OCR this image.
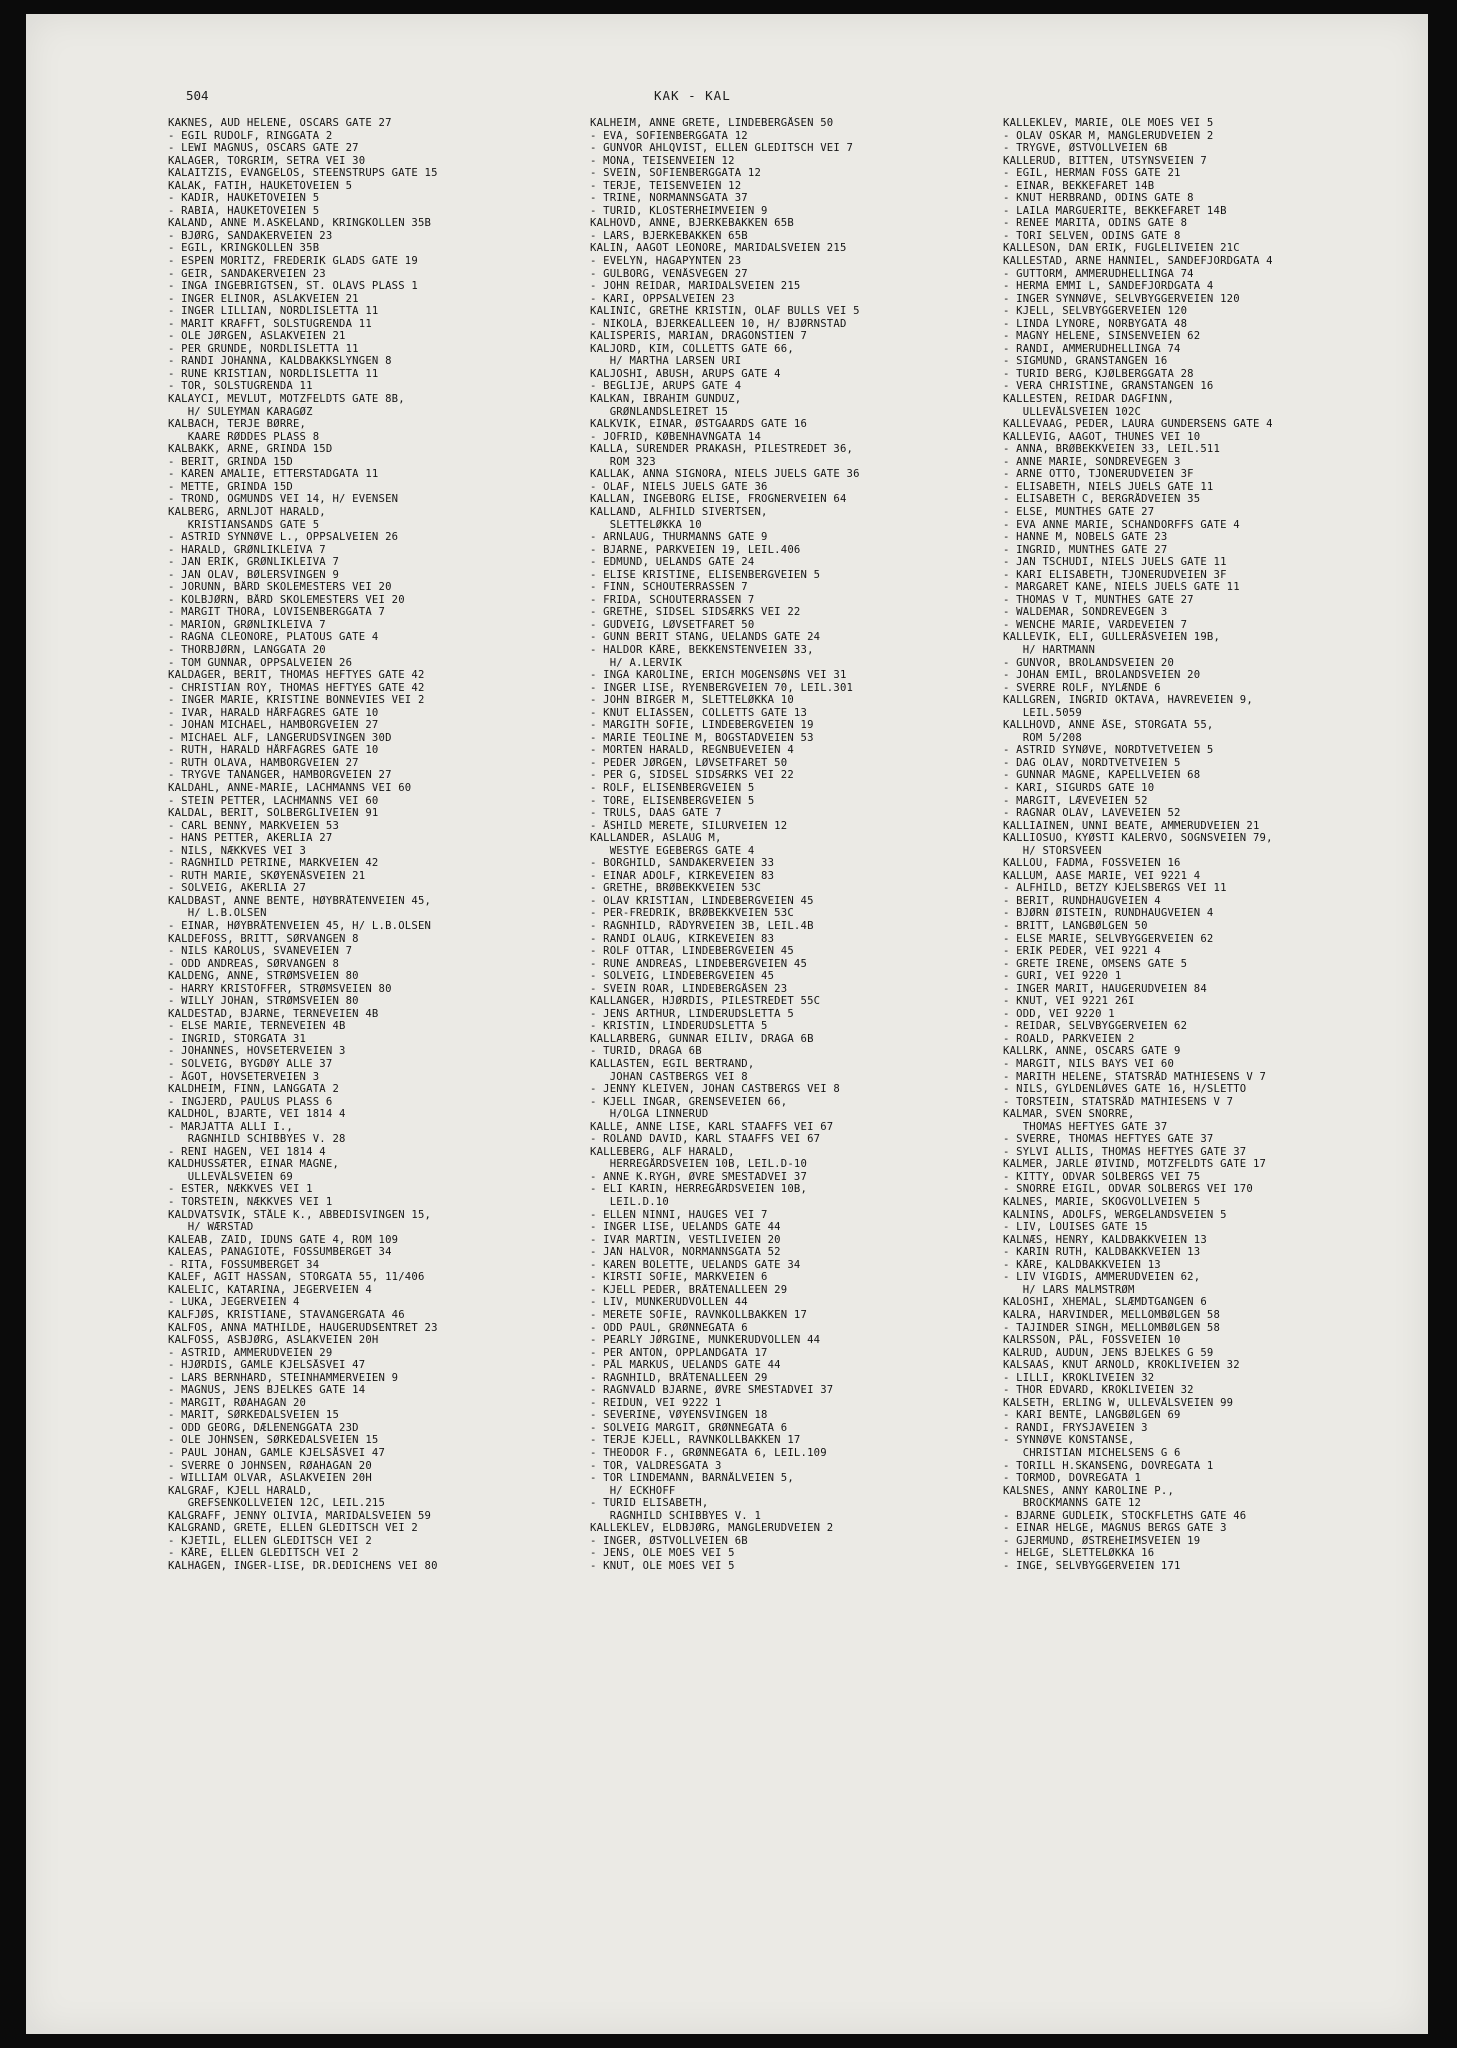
504	KAK - KAL
KAKNES, AUD HELENE, OSCARS GATE 27
- EGIL RUDOLF, RINGGATA 2
- LEWI MAGNUS, OSCARS GATE 27
KALAGER, TORGRIM, SETRA VEI 30
KALAITZIS, EVANGELOS, STEENSTRUPS GATE 15
KALAK, FATIH, HAUKETOVEIEN 5
- KADIR, HAUKETOVEIEN 5
- RABIA, HAUKETOVEIEN 5
KALAND, ANNE M.ASKELAND, KRINGKOLLEN 35B
- BJØRG, SANDAKERVEIEN 23
- EGIL, KRINGKOLLEN 35B
- ESPEN MORITZ, FREDERIK GLADS GATE 19
- GEIR, SANDAKERVEIEN 23
- INGA INGEBRIGTSEN, ST. OLAVS PLASS 1
- INGER ELINOR, ASLAKVEIEN 21
- INGER LILLIAN, NORDLISLETTA 11
- MARIT KRAFFT, SOLSTUGRENDA 11
- OLE JØRGEN, ASLAKVEIEN 21
- PER GRUNDE, NORDLISLETTA 11
- RANDI JOHANNA, KALDBAKKSLYNGEN 8
- RUNE KRISTIAN, NORDLISLETTA 11
- TOR, SOLSTUGRENDA 11
KALAYCI, MEVLUT, MOTZFELDTS GATE 8B,
H/ SULEYMAN KARAGØZ
KALBACH, TERJE BØRRE,
KAARE RØDDES PLASS 8
KALBAKK, ARNE, GRINDA 15D
- BERIT, GRINDA 15D
- KAREN AMALIE, ETTERSTADGATA 11
- METTE, GRINDA 15D
- TROND, OGMUNDS VEI 14, H/ EVENSEN
KALBERG, ARNLJOT HARALD,
KRISTIANSANDS GATE 5
- ASTRID SYNNØVE L., OPPSALVEIEN 26
- HARALD, GRØNLIKLEIVA 7
- JAN ERIK, GRØNLIKLEIVA 7
- JAN OLAV, BØLERSVINGEN 9
- JORUNN, BÅRD SKOLEMESTERS VEI 20
- KOLBJØRN, BÅRD SKOLEMESTERS VEI 20
- MARGIT THORA, LOVISENBERGGATA 7
- MARION, GRØNLIKLEIVA 7
- RAGNA CLEONORE, PLATOUS GATE 4
- THORBJØRN, LANGGATA 20
- TOM GUNNAR, OPPSALVEIEN 26
KALDAGER, BERIT, THOMAS HEFTYES GATE 42
- CHRISTIAN ROY, THOMAS HEFTYES GATE 42
- INGER MARIE, KRISTINE BONNEVIES VEI 2
- IVAR, HARALD HÅRFAGRES GATE 10
- JOHAN MICHAEL, HAMBORGVEIEN 27
- MICHAEL ALF, LANGERUDSVINGEN 30D
- RUTH, HARALD HÅRFAGRES GATE 10
- RUTH OLAVA, HAMBORGVEIEN 27
- TRYGVE TANANGER, HAMBORGVEIEN 27
KALDAHL, ANNE-MARIE, LACHMANNS VEI 60
- STEIN PETTER, LACHMANNS VEI 60
KALDAL, BERIT, SOLBERGLIVEIEN 91
- CARL BENNY, MARKVEIEN 53
- HANS PETTER, AKERLIA 27
- NILS, NÆKKVES VEI 3
- RAGNHILD PETRINE, MARKVEIEN 42
- RUTH MARIE, SKØYENÅSVEIEN 21
- SOLVEIG, AKERLIA 27
KALDBAST, ANNE BENTE, HØYBRÅTENVEIEN 45,
H/ L.B.OLSEN
- EINAR, HØYBRÅTENVEIEN 45, H/ L.B.OLSEN
KALDEFOSS, BRITT, SØRVANGEN 8
- NILS KAROLUS, SVANEVEIEN 7
- ODD ANDREAS, SØRVANGEN 8
KALDENG, ANNE, STRØMSVEIEN 80
- HARRY KRISTOFFER, STRØMSVEIEN 80
- WILLY JOHAN, STRØMSVEIEN 80
KALDESTAD, BJARNE, TERNEVEIEN 4B
- ELSE MARIE, TERNEVEIEN 4B
- INGRID, STORGATA 31
- JOHANNES, HOVSETERVEIEN 3
- SOLVEIG, BYGDØY ALLE 37
- ÅGOT, HOVSETERVEIEN 3
KALDHEIM, FINN, LANGGATA 2
- INGJERD, PAULUS PLASS 6
KALDHOL, BJARTE, VEI 1814 4
- MARJATTA ALLI I.,
RAGNHILD SCHIBBYES V. 28
- RENI HAGEN, VEI 1814 4
KALDHUSSÆTER, EINAR MAGNE,
ULLEVÅLSVEIEN 69
- ESTER, NÆKKVES VEI 1
- TORSTEIN, NÆKKVES VEI 1
KALDVATSVIK, STÅLE K., ABBEDISVINGEN 15,
H/ WÆRSTAD
KALEAB, ZAID, IDUNS GATE 4, ROM 109
KALEAS, PANAGIOTE, FOSSUMBERGET 34
- RITA, FOSSUMBERGET 34
KALEF, AGIT HASSAN, STORGATA 55, 11/406
KALELIC, KATARINA, JEGERVEIEN 4
- LUKA, JEGERVEIEN 4
KALFJØS, KRISTIANE, STAVANGERGATA 46
KALFOS, ANNA MATHILDE, HAUGERUDSENTRET 23
KALFOSS, ASBJØRG, ASLAKVEIEN 20H
- ASTRID, AMMERUDVEIEN 29
- HJØRDIS, GAMLE KJELSÅSVEI 47
- LARS BERNHARD, STEINHAMMERVEIEN 9
- MAGNUS, JENS BJELKES GATE 14
- MARGIT, RØAHAGAN 20
- MARIT, SØRKEDALSVEIEN 15
- ODD GEORG, DÆLENENGGATA 23D
- OLE JOHNSEN, SØRKEDALSVEIEN 15
- PAUL JOHAN, GAMLE KJELSÅSVEI 47
- SVERRE O JOHNSEN, RØAHAGAN 20
- WILLIAM OLVAR, ASLAKVEIEN 20H
KALGRAF, KJELL HARALD,
GREFSENKOLLVEIEN 12C, LEIL.215
KALGRAFF, JENNY OLIVIA, MARIDALSVEIEN 59
KALGRAND, GRETE, ELLEN GLEDITSCH VEI 2
- KJETIL, ELLEN GLEDITSCH VEI 2
- KÅRE, ELLEN GLEDITSCH VEI 2
KALHAGEN, INGER-LISE, DR.DEDICHENS VEI 80
KALHEIM, ANNE GRETE, LINDEBERGÅSEN 50
- EVA, SOFIENBERGGATA 12
- GUNVOR AHLQVIST, ELLEN GLEDITSCH VEI 7
- MONA, TEISENVEIEN 12
- SVEIN, SOFIENBERGGATA 12
- TERJE, TEISENVEIEN 12
- TRINE, NORMANNSGATA 37
- TURID, KLOSTERHEIMVEIEN 9
KALHOVD, ANNE, BJERKEBAKKEN 65B
- LARS, BJERKEBAKKEN 65B
KALIN, AAGOT LEONORE, MARIDALSVEIEN 215
- EVELYN, HAGAPYNTEN 23
- GULBORG, VENÅSVEGEN 27
- JOHN REIDAR, MARIDALSVEIEN 215
- KARI, OPPSALVEIEN 23
KALINIC, GRETHE KRISTIN, OLAF BULLS VEI 5
- NIKOLA, BJERKEALLEEN 10, H/ BJØRNSTAD
KALISPERIS, MARIAN, DRAGONSTIEN 7
KALJORD, KIM, COLLETTS GATE 66,
H/ MARTHA LARSEN URI
KALJOSHI, ABUSH, ARUPS GATE 4
- BEGLIJE, ARUPS GATE 4
KALKAN, IBRAHIM GUNDUZ,
GRØNLANDSLEIRET 15
KALKVIK, EINAR, ØSTGAARDS GATE 16
- JOFRID, KØBENHAVNGATA 14
KALLA, SURENDER PRAKASH, PILESTREDET 36,
ROM 323
KALLAK, ANNA SIGNORA, NIELS JUELS GATE 36
- OLAF, NIELS JUELS GATE 36
KALLAN, INGEBORG ELISE, FROGNERVEIEN 64
KALLAND, ALFHILD SIVERTSEN,
SLETTELØKKA 10
- ARNLAUG, THURMANNS GATE 9
- BJARNE, PARKVEIEN 19, LEIL.406
- EDMUND, UELANDS GATE 24
- ELISE KRISTINE, ELISENBERGVEIEN 5
- FINN, SCHOUTERRASSEN 7
- FRIDA, SCHOUTERRASSEN 7
- GRETHE, SIDSEL SIDSÆRKS VEI 22
- GUDVEIG, LØVSETFARET 50
- GUNN BERIT STANG, UELANDS GATE 24
- HALDOR KÅRE, BEKKENSTENVEIEN 33,
H/ A.LERVIK
- INGA KAROLINE, ERICH MOGENSØNS VEI 31
- INGER LISE, RYENBERGVEIEN 70, LEIL.301
- JOHN BIRGER M, SLETTELØKKA 10
- KNUT ELIASSEN, COLLETTS GATE 13
- MARGITH SOFIE, LINDEBERGVEIEN 19
- MARIE TEOLINE M, BOGSTADVEIEN 53
- MORTEN HARALD, REGNBUEVEIEN 4
- PEDER JØRGEN, LØVSETFARET 50
- PER G, SIDSEL SIDSÆRKS VEI 22
- ROLF, ELISENBERGVEIEN 5
- TORE, ELISENBERGVEIEN 5
- TRULS, DAAS GATE 7
- ÅSHILD MERETE, SILURVEIEN 12
KALLANDER, ASLAUG M,
WESTYE EGEBERGS GATE 4
- BORGHILD, SANDAKERVEIEN 33
- EINAR ADOLF, KIRKEVEIEN 83
- GRETHE, BRØBEKKVEIEN 53C
- OLAV KRISTIAN, LINDEBERGVEIEN 45
- PER-FREDRIK, BRØBEKKVEIEN 53C
- RAGNHILD, RÅDYRVEIEN 3B, LEIL.4B
- RANDI OLAUG, KIRKEVEIEN 83
- ROLF OTTAR, LINDEBERGVEIEN 45
- RUNE ANDREAS, LINDEBERGVEIEN 45
- SOLVEIG, LINDEBERGVEIEN 45
- SVEIN ROAR, LINDEBERGÅSEN 23
KALLANGER, HJØRDIS, PILESTREDET 55C
- JENS ARTHUR, LINDERUDSLETTA 5
- KRISTIN, LINDERUDSLETTA 5
KALLARBERG, GUNNAR EILIV, DRAGA 6B
- TURID, DRAGA 6B
KALLASTEN, EGIL BERTRAND,
JOHAN CASTBERGS VEI 8
- JENNY KLEIVEN, JOHAN CASTBERGS VEI 8
- KJELL INGAR, GRENSEVEIEN 66,
H/OLGA LINNERUD
KALLE, ANNE LISE, KARL STAAFFS VEI 67
- ROLAND DAVID, KARL STAAFFS VEI 67
KALLEBERG, ALF HARALD,
HERREGÅRDSVEIEN 10B, LEIL.D-10
- ANNE K.RYGH, ØVRE SMESTADVEI 37
- ELI KARIN, HERREGÅRDSVEIEN 10B,
LEIL.D.10
- ELLEN NINNI, HAUGES VEI 7
- INGER LISE, UELANDS GATE 44
- IVAR MARTIN, VESTLIVEIEN 20
- JAN HALVOR, NORMANNSGATA 52
- KAREN BOLETTE, UELANDS GATE 34
- KIRSTI SOFIE, MARKVEIEN 6
- KJELL PEDER, BRÅTENALLEEN 29
- LIV, MUNKERUDVOLLEN 44
- MERETE SOFIE, RAVNKOLLBAKKEN 17
- ODD PAUL, GRØNNEGATA 6
- PEARLY JØRGINE, MUNKERUDVOLLEN 44
- PER ANTON, OPPLANDGATA 17
- PÅL MARKUS, UELANDS GATE 44
- RAGNHILD, BRÅTENALLEEN 29
- RAGNVALD BJARNE, ØVRE SMESTADVEI 37
- REIDUN, VEI 9222 1
- SEVERINE, VØYENSVINGEN 18
- SOLVEIG MARGIT, GRØNNEGATA 6
- TERJE KJELL, RAVNKOLLBAKKEN 17
- THEODOR F., GRØNNEGATA 6, LEIL.109
- TOR, VALDRESGATA 3
- TOR LINDEMANN, BARNÅLVEIEN 5,
H/ ECKHOFF
- TURID ELISABETH,
RAGNHILD SCHIBBYES V. 1
KALLEKLEV, ELDBJØRG, MANGLERUDVEIEN 2
- INGER, ØSTVOLLVEIEN 6B
- JENS, OLE MOES VEI 5
- KNUT, OLE MOES VEI 5
KALLEKLEV, MARIE, OLE MOES VEI 5
- OLAV OSKAR M, MANGLERUDVEIEN 2
- TRYGVE, ØSTVOLLVEIEN 6B
KALLERUD, BITTEN, UTSYNSVEIEN 7
- EGIL, HERMAN FOSS GATE 21
- EINAR, BEKKEFARET 14B
- KNUT HERBRAND, ODINS GATE 8
- LAILA MARGUERITE, BEKKEFARET 14B
- RENEE MARITA, ODINS GATE 8
- TORI SELVEN, ODINS GATE 8
KALLESON, DAN ERIK, FUGLELIVEIEN 21C
KALLESTAD, ARNE HANNIEL, SANDEFJORDGATA 4
- GUTTORM, AMMERUDHELLINGA 74
- HERMA EMMI L, SANDEFJORDGATA 4
- INGER SYNNØVE, SELVBYGGERVEIEN 120
- KJELL, SELVBYGGERVEIEN 120
- LINDA LYNORE, NORBYGATA 48
- MAGNY HELENE, SINSENVEIEN 62
- RANDI, AMMERUDHELLINGA 74
- SIGMUND, GRANSTANGEN 16
- TURID BERG, KJØLBERGGATA 28
- VERA CHRISTINE, GRANSTANGEN 16
KALLESTEN, REIDAR DAGFINN,
ULLEVÅLSVEIEN 102C
KALLEVAAG, PEDER, LAURA GUNDERSENS GATE 4
KALLEVIG, AAGOT, THUNES VEI 10
- ANNA, BRØBEKKVEIEN 33, LEIL.511
- ANNE MARIE, SONDREVEGEN 3
- ARNE OTTO, TJONERUDVEIEN 3F
- ELISABETH, NIELS JUELS GATE 11
- ELISABETH C, BERGRÅDVEIEN 35
- ELSE, MUNTHES GATE 27
- EVA ANNE MARIE, SCHANDORFFS GATE 4
- HANNE M, NOBELS GATE 23
- INGRID, MUNTHES GATE 27
- JAN TSCHUDI, NIELS JUELS GATE 11
- KARI ELISABETH, TJONERUDVEIEN 3F
- MARGARET KANE, NIELS JUELS GATE 11
- THOMAS V T, MUNTHES GATE 27
- WALDEMAR, SONDREVEGEN 3
- WENCHE MARIE, VARDEVEIEN 7
KALLEVIK, ELI, GULLERÅSVEIEN 19B,
H/ HARTMANN
- GUNVOR, BROLANDSVEIEN 20
- JOHAN EMIL, BROLANDSVEIEN 20
- SVERRE ROLF, NYLÆNDE 6
KALLGREN, INGRID OKTAVA, HAVREVEIEN 9,
LEIL.5059
KALLHOVD, ANNE ÅSE, STORGATA 55,
ROM 5/208
- ASTRID SYNØVE, NORDTVETVEIEN 5
- DAG OLAV, NORDTVETVEIEN 5
- GUNNAR MAGNE, KAPELLVEIEN 68
- KARI, SIGURDS GATE 10
- MARGIT, LÆVEVEIEN 52
- RAGNAR OLAV, LAVEVEIEN 52
KALLIAINEN, UNNI BEATE, AMMERUDVEIEN 21
KALLIOSUO, KYØSTI KALERVO, SOGNSVEIEN 79,
H/ STORSVEEN
KALLOU, FADMA, FOSSVEIEN 16
KALLUM, AASE MARIE, VEI 9221 4
- ALFHILD, BETZY KJELSBERGS VEI 11
- BERIT, RUNDHAUGVEIEN 4
- BJØRN ØISTEIN, RUNDHAUGVEIEN 4
- BRITT, LANGBØLGEN 50
- ELSE MARIE, SELVBYGGERVEIEN 62
- ERIK PEDER, VEI 9221 4
- GRETE IRENE, OMSENS GATE 5
- GURI, VEI 9220 1
- INGER MARIT, HAUGERUDVEIEN 84
- KNUT, VEI 9221 26I
- ODD, VEI 9220 1
- REIDAR, SELVBYGGERVEIEN 62
- ROALD, PARKVEIEN 2
KALLRK, ANNE, OSCARS GATE 9
- MARGIT, NILS BAYS VEI 60
- MARITH HELENE, STATSRÅD MATHIESENS V 7
- NILS, GYLDENLØVES GATE 16, H/SLETTO
- TORSTEIN, STATSRÅD MATHIESENS V 7
KALMAR, SVEN SNORRE,
THOMAS HEFTYES GATE 37
- SVERRE, THOMAS HEFTYES GATE 37
- SYLVI ALLIS, THOMAS HEFTYES GATE 37
KALMER, JARLE ØIVIND, MOTZFELDTS GATE 17
- KITTY, ODVAR SOLBERGS VEI 75
- SNORRE EIGIL, ODVAR SOLBERGS VEI 170
KALNES, MARIE, SKOGVOLLVEIEN 5
KALNINS, ADOLFS, WERGELANDSVEIEN 5
- LIV, LOUISES GATE 15
KALNÆS, HENRY, KALDBAKKVEIEN 13
- KARIN RUTH, KALDBAKKVEIEN 13
- KÅRE, KALDBAKKVEIEN 13
- LIV VIGDIS, AMMERUDVEIEN 62,
H/ LARS MALMSTRØM
KALOSHI, XHEMAL, SLÆMDTGANGEN 6
KALRA, HARVINDER, MELLOMBØLGEN 58
- TAJINDER SINGH, MELLOMBØLGEN 58
KALRSSON, PÅL, FOSSVEIEN 10
KALRUD, AUDUN, JENS BJELKES G 59
KALSAAS, KNUT ARNOLD, KROKLIVEIEN 32
- LILLI, KROKLIVEIEN 32
- THOR EDVARD, KROKLIVEIEN 32
KALSETH, ERLING W, ULLEVÅLSVEIEN 99
- KARI BENTE, LANGBØLGEN 69
- RANDI, FRYSJAVEIEN 3
- SYNNØVE KONSTANSE,
CHRISTIAN MICHELSENS G 6
- TORILL H.SKANSENG, DOVREGATA 1
- TORMOD, DOVREGATA 1
KALSNES, ANNY KAROLINE P.,
BROCKMANNS GATE 12
- BJARNE GUDLEIK, STOCKFLETHS GATE 46
- EINAR HELGE, MAGNUS BERGS GATE 3
- GJERMUND, ØSTREHEIMSVEIEN 19
- HELGE, SLETTELØKKA 16
- INGE, SELVBYGGERVEIEN 171
